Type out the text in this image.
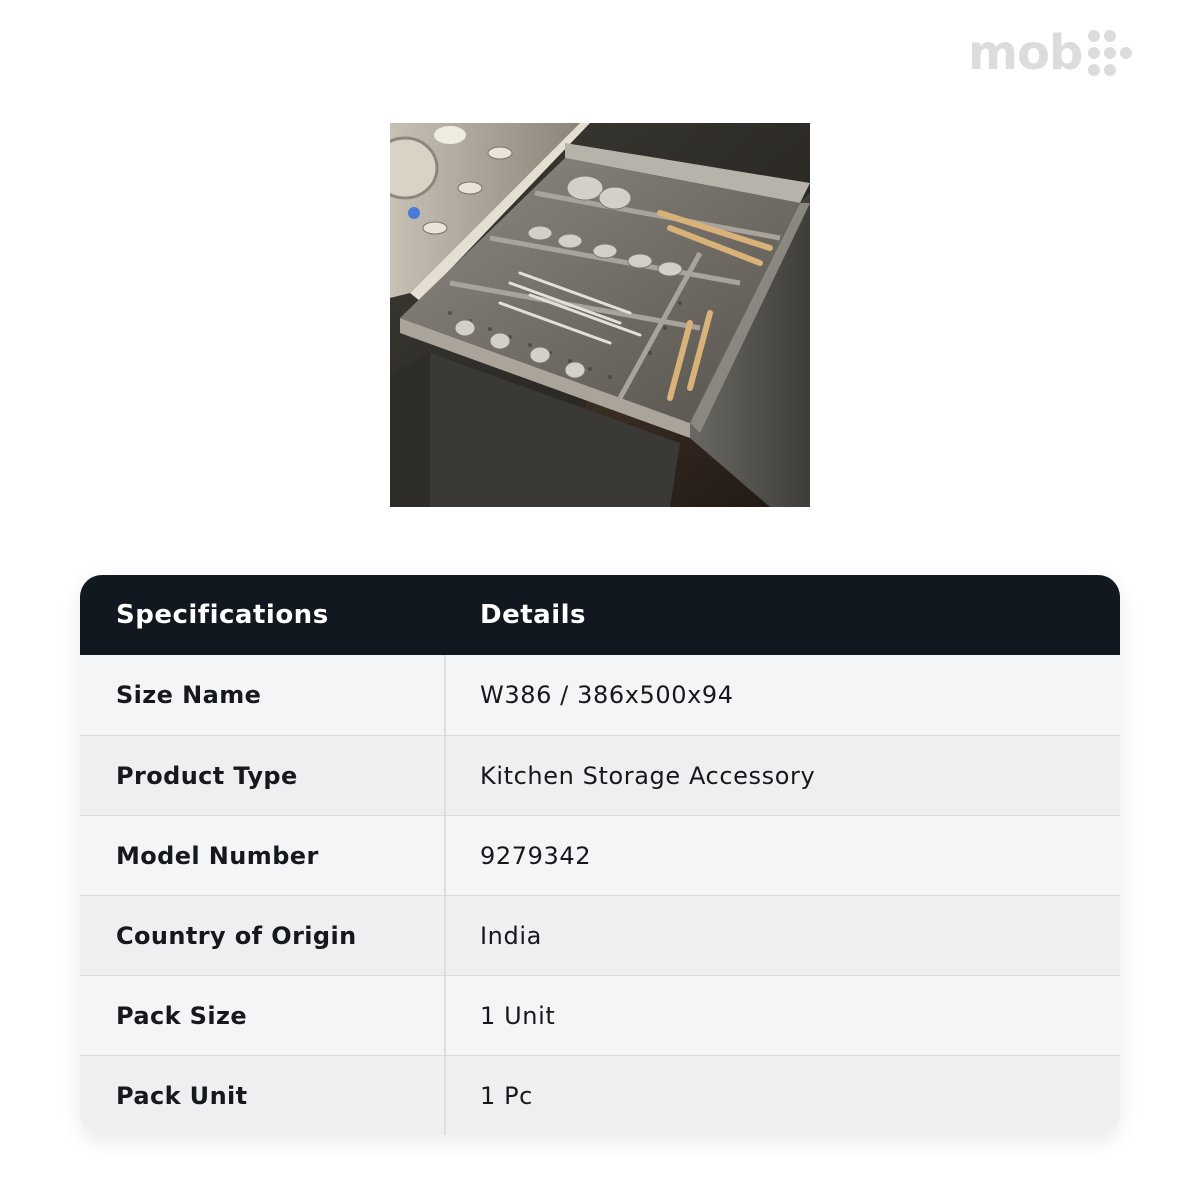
mob
Specifications	Details
Size Name	W386 / 386x500x94
Product Type	Kitchen Storage Accessory
Model Number	9279342
Country of Origin	India
Pack Size	1 Unit
Pack Unit	1 Pc
